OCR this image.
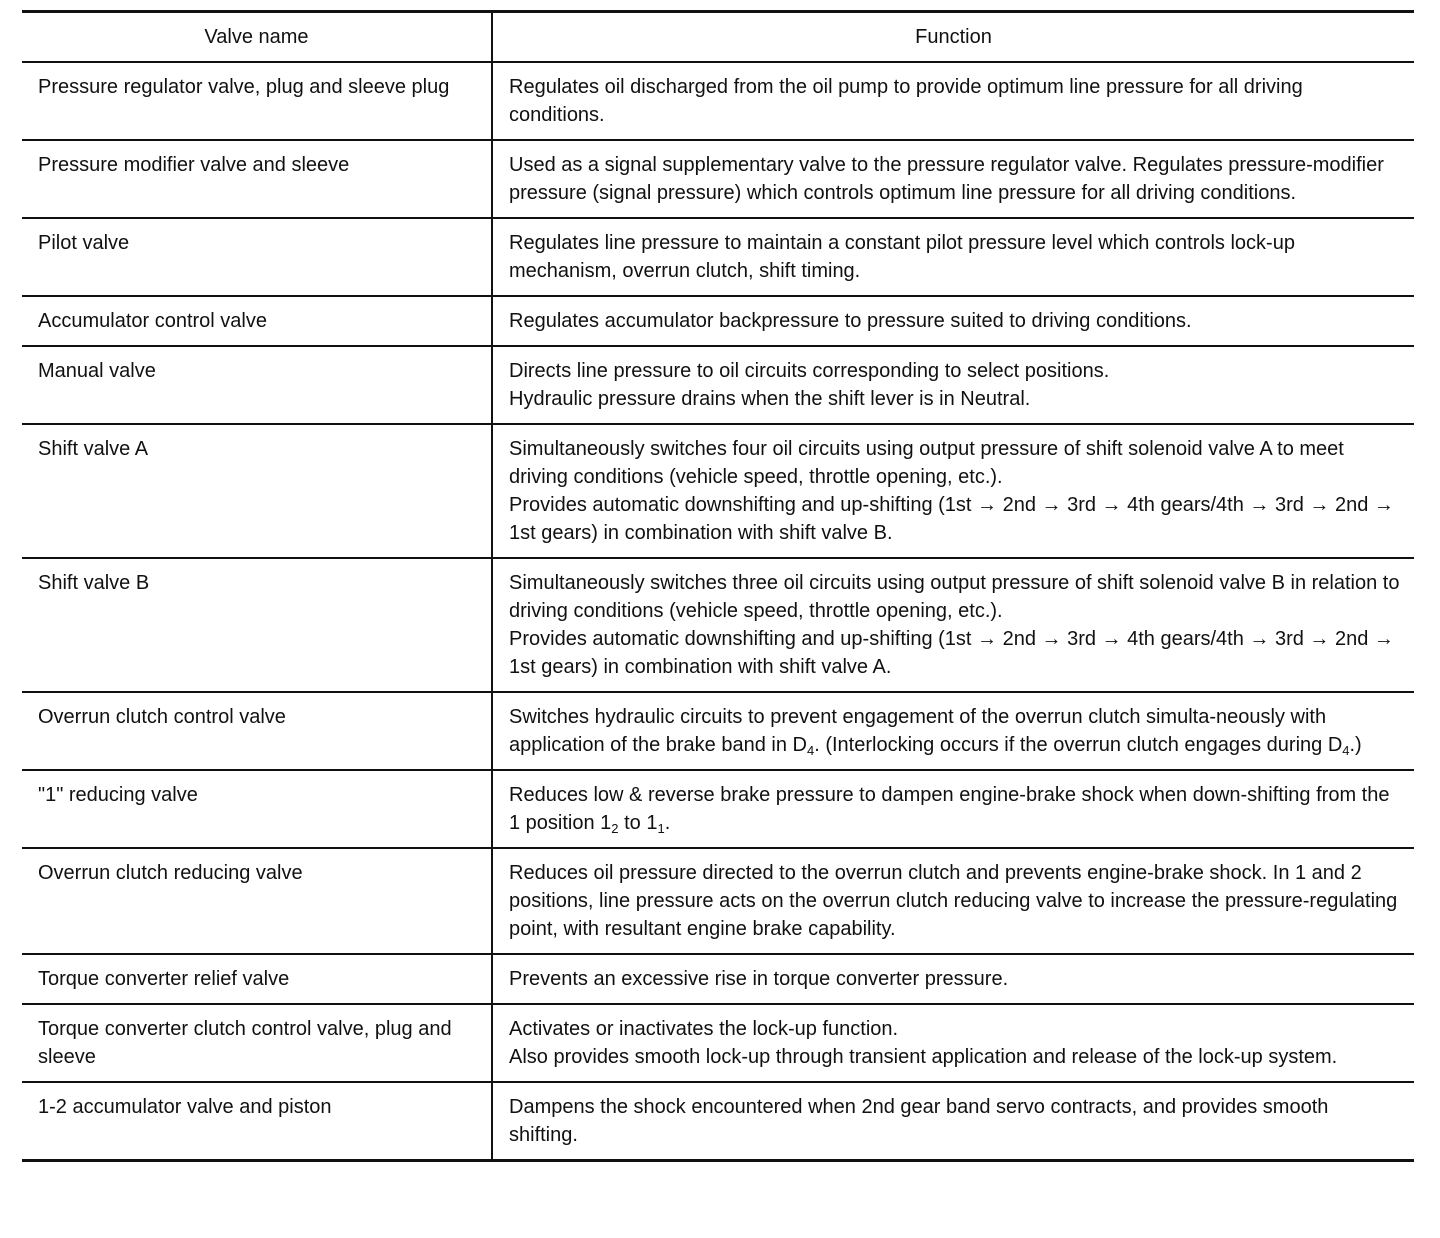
Valve name	Function
Pressure regulator valve, plug and sleeve plug	Regulates oil discharged from the oil pump to provide optimum line pressure for all driving conditions.

Pressure modifier valve and sleeve	Used as a signal supplementary valve to the pressure regulator valve. Regulates pressure-modifier pressure (signal pressure) which controls optimum line pressure for all driving conditions.

Pilot valve	Regulates line pressure to maintain a constant pilot pressure level which controls lock-up mechanism, overrun clutch, shift timing.

Accumulator control valve	Regulates accumulator backpressure to pressure suited to driving conditions.

Manual valve	Directs line pressure to oil circuits corresponding to select positions.
Hydraulic pressure drains when the shift lever is in Neutral.

Shift valve A	Simultaneously switches four oil circuits using output pressure of shift solenoid valve A to meet driving conditions (vehicle speed, throttle opening, etc.).
Provides automatic downshifting and up-shifting (1st → 2nd → 3rd → 4th gears/4th → 3rd → 2nd → 1st gears) in combination with shift valve B.

Shift valve B	Simultaneously switches three oil circuits using output pressure of shift solenoid valve B in relation to driving conditions (vehicle speed, throttle opening, etc.).
Provides automatic downshifting and up-shifting (1st → 2nd → 3rd → 4th gears/4th → 3rd → 2nd → 1st gears) in combination with shift valve A.

Overrun clutch control valve	Switches hydraulic circuits to prevent engagement of the overrun clutch simulta-neously with application of the brake band in $D_4$. (Interlocking occurs if the overrun clutch engages during $D_4$.)
"1" reducing valve	Reduces low & reverse brake pressure to dampen engine-brake shock when down-shifting from the 1 position $1_2$ to $1_1$.
Overrun clutch reducing valve	Reduces oil pressure directed to the overrun clutch and prevents engine-brake shock. In 1 and 2 positions, line pressure acts on the overrun clutch reducing valve to increase the pressure-regulating point, with resultant engine brake capability.

Torque converter relief valve	Prevents an excessive rise in torque converter pressure.

Torque converter clutch control valve, plug and sleeve	Activates or inactivates the lock-up function.
Also provides smooth lock-up through transient application and release of the lock-up system.

1-2 accumulator valve and piston	Dampens the shock encountered when 2nd gear band servo contracts, and provides smooth shifting.
